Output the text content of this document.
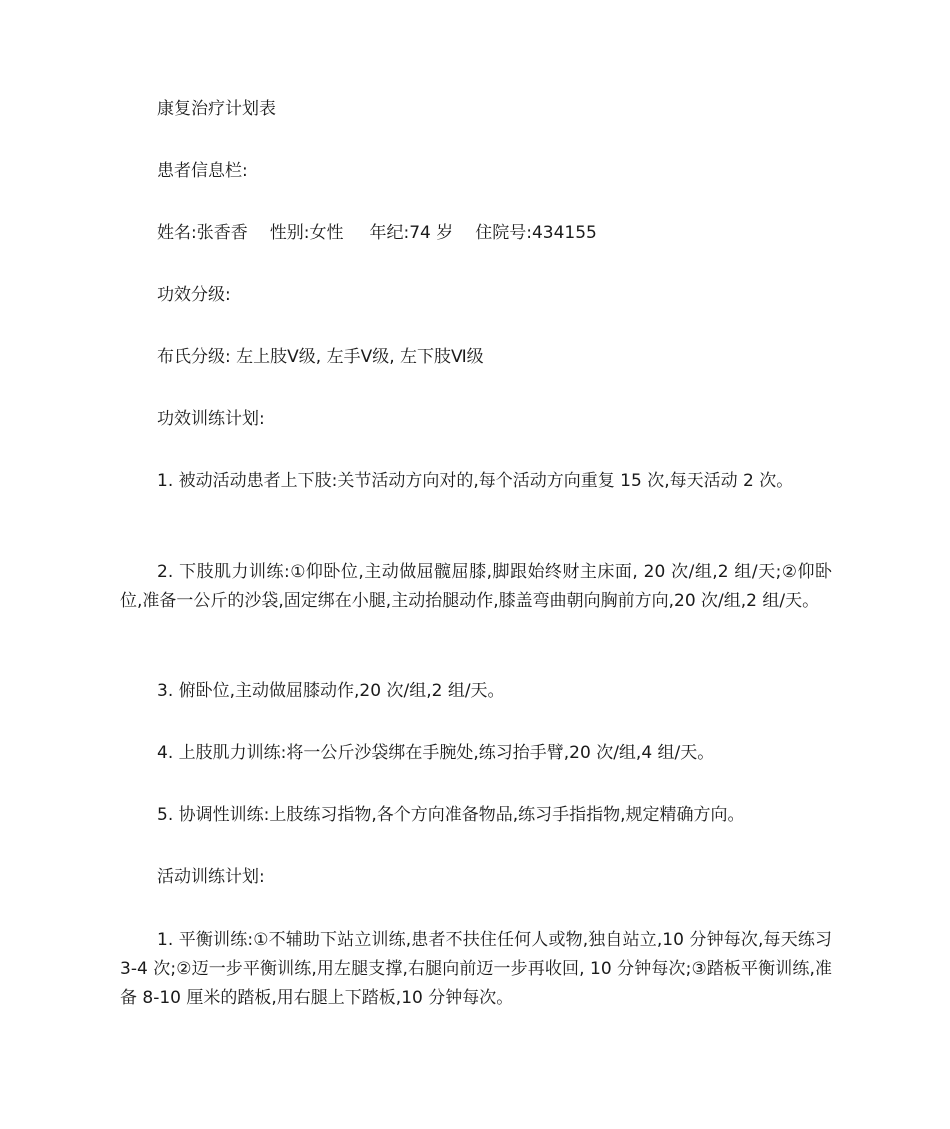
康复治疗计划表

患者信息栏:

姓名:张香香 性别:女性 年纪:74 岁 住院号:434155

功效分级:

布氏分级: 左上肢Ⅴ级, 左手Ⅴ级, 左下肢Ⅵ级

功效训练计划:

1. 被动活动患者上下肢:关节活动方向对的,每个活动方向重复 15 次,每天活动 2 次。

2. 下肢肌力训练:①仰卧位,主动做屈髋屈膝,脚跟始终财主床面, 20 次/组,2 组/天;②仰卧位,准备一公斤的沙袋,固定绑在小腿,主动抬腿动作,膝盖弯曲朝向胸前方向,20 次/组,2 组/天。

3. 俯卧位,主动做屈膝动作,20 次/组,2 组/天。

4. 上肢肌力训练:将一公斤沙袋绑在手腕处,练习抬手臂,20 次/组,4 组/天。

5. 协调性训练:上肢练习指物,各个方向准备物品,练习手指指物,规定精确方向。

活动训练计划:

1. 平衡训练:①不辅助下站立训练,患者不扶住任何人或物,独自站立,10 分钟每次,每天练习 3-4 次;②迈一步平衡训练,用左腿支撑,右腿向前迈一步再收回, 10 分钟每次;③踏板平衡训练,准备 8-10 厘米的踏板,用右腿上下踏板,10 分钟每次。
